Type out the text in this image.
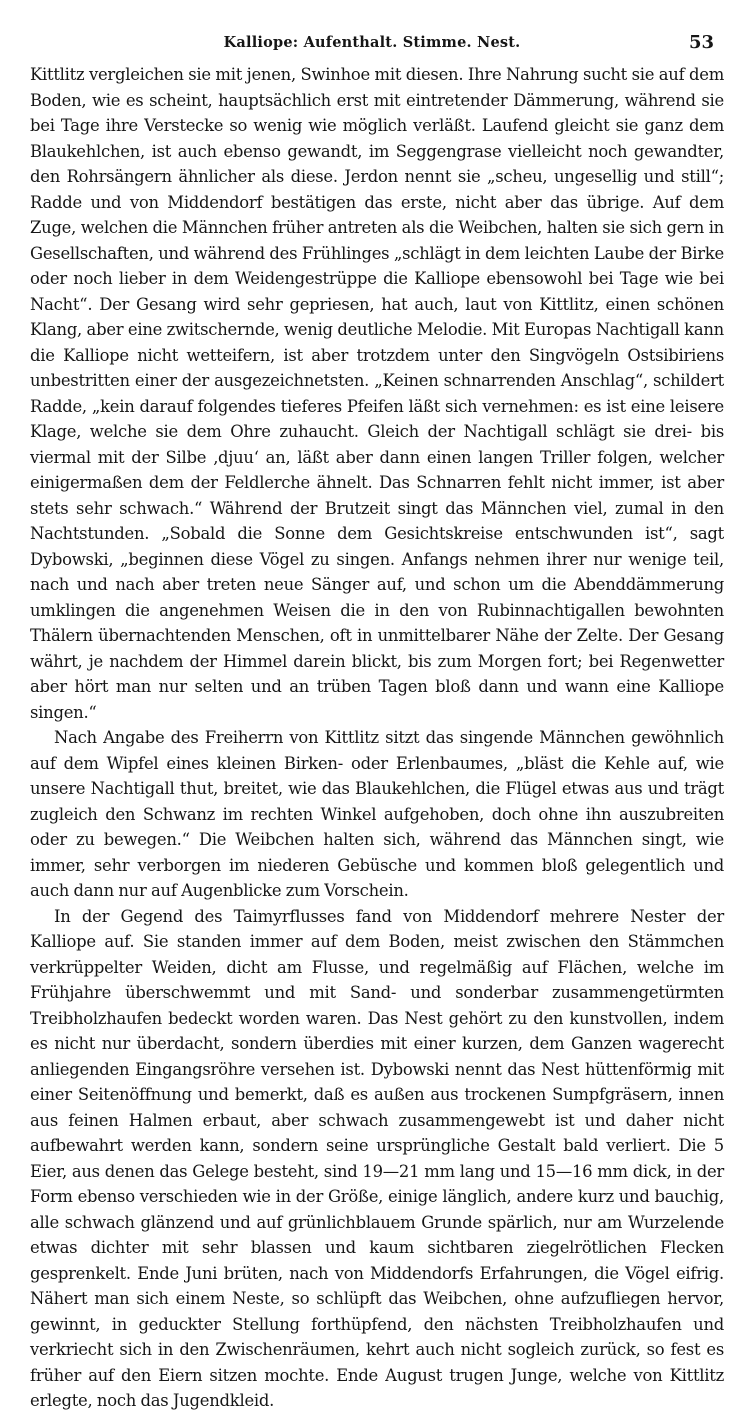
Kalliope: Aufenthalt. Stimme. Nest.	53

Kittlitz vergleichen sie mit jenen, Swinhoe mit diesen. Ihre Nahrung sucht sie auf dem Boden, wie es scheint, hauptsächlich erst mit eintretender Dämmerung, während sie bei Tage ihre Verstecke so wenig wie möglich verläßt. Laufend gleicht sie ganz dem Blaukehlchen, ist auch ebenso gewandt, im Seggengrase vielleicht noch gewandter, den Rohrsängern ähnlicher als diese. Jerdon nennt sie „scheu, ungesellig und still“; Radde und von Middendorf bestätigen das erste, nicht aber das übrige. Auf dem Zuge, welchen die Männchen früher antreten als die Weibchen, halten sie sich gern in Gesellschaften, und während des Frühlinges „schlägt in dem leichten Laube der Birke oder noch lieber in dem Weidengestrüppe die Kalliope ebensowohl bei Tage wie bei Nacht“. Der Gesang wird sehr gepriesen, hat auch, laut von Kittlitz, einen schönen Klang, aber eine zwitschernde, wenig deutliche Melodie. Mit Europas Nachtigall kann die Kalliope nicht wetteifern, ist aber trotzdem unter den Singvögeln Ostsibiriens unbestritten einer der ausgezeichnetsten. „Keinen schnarrenden Anschlag“, schildert Radde, „kein darauf folgendes tieferes Pfeifen läßt sich vernehmen: es ist eine leisere Klage, welche sie dem Ohre zuhaucht. Gleich der Nachtigall schlägt sie drei- bis viermal mit der Silbe ‚djuu‘ an, läßt aber dann einen langen Triller folgen, welcher einigermaßen dem der Feldlerche ähnelt. Das Schnarren fehlt nicht immer, ist aber stets sehr schwach.“ Während der Brutzeit singt das Männchen viel, zumal in den Nachtstunden. „Sobald die Sonne dem Gesichtskreise entschwunden ist“, sagt Dybowski, „beginnen diese Vögel zu singen. Anfangs nehmen ihrer nur wenige teil, nach und nach aber treten neue Sänger auf, und schon um die Abenddämmerung umklingen die angenehmen Weisen die in den von Rubinnachtigallen bewohnten Thälern übernachtenden Menschen, oft in unmittelbarer Nähe der Zelte. Der Gesang währt, je nachdem der Himmel darein blickt, bis zum Morgen fort; bei Regenwetter aber hört man nur selten und an trüben Tagen bloß dann und wann eine Kalliope singen.“

Nach Angabe des Freiherrn von Kittlitz sitzt das singende Männchen gewöhnlich auf dem Wipfel eines kleinen Birken- oder Erlenbaumes, „bläst die Kehle auf, wie unsere Nachtigall thut, breitet, wie das Blaukehlchen, die Flügel etwas aus und trägt zugleich den Schwanz im rechten Winkel aufgehoben, doch ohne ihn auszubreiten oder zu bewegen.“ Die Weibchen halten sich, während das Männchen singt, wie immer, sehr verborgen im niederen Gebüsche und kommen bloß gelegentlich und auch dann nur auf Augenblicke zum Vorschein.

In der Gegend des Taimyrflusses fand von Middendorf mehrere Nester der Kalliope auf. Sie standen immer auf dem Boden, meist zwischen den Stämmchen verkrüppelter Weiden, dicht am Flusse, und regelmäßig auf Flächen, welche im Frühjahre überschwemmt und mit Sand- und sonderbar zusammengetürmten Treibholzhaufen bedeckt worden waren. Das Nest gehört zu den kunstvollen, indem es nicht nur überdacht, sondern überdies mit einer kurzen, dem Ganzen wagerecht anliegenden Eingangsröhre versehen ist. Dybowski nennt das Nest hüttenförmig mit einer Seitenöffnung und bemerkt, daß es außen aus trockenen Sumpfgräsern, innen aus feinen Halmen erbaut, aber schwach zusammengewebt ist und daher nicht aufbewahrt werden kann, sondern seine ursprüngliche Gestalt bald verliert. Die 5 Eier, aus denen das Gelege besteht, sind 19—21 mm lang und 15—16 mm dick, in der Form ebenso verschieden wie in der Größe, einige länglich, andere kurz und bauchig, alle schwach glänzend und auf grünlichblauem Grunde spärlich, nur am Wurzelende etwas dichter mit sehr blassen und kaum sichtbaren ziegelrötlichen Flecken gesprenkelt. Ende Juni brüten, nach von Middendorfs Erfahrungen, die Vögel eifrig. Nähert man sich einem Neste, so schlüpft das Weibchen, ohne aufzufliegen hervor, gewinnt, in geduckter Stellung forthüpfend, den nächsten Treibholzhaufen und verkriecht sich in den Zwischenräumen, kehrt auch nicht sogleich zurück, so fest es früher auf den Eiern sitzen mochte. Ende August trugen Junge, welche von Kittlitz erlegte, noch das Jugendkleid.
